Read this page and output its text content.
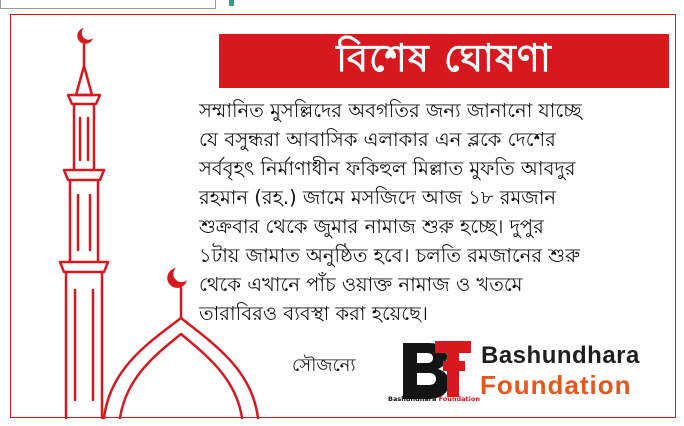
বিশেষ ঘোষণা
সম্মানিত মুসল্লিদের অবগতির জন্য জানানো যাচ্ছে
যে বসুন্ধরা আবাসিক এলাকার এন ব্লকে দেশের
সর্ববৃহৎ নির্মাণাধীন ফকিহুল মিল্লাত মুফতি আবদুর
রহমান (রহ.) জামে মসজিদে আজ ১৮ রমজান
শুক্রবার থেকে জুমার নামাজ শুরু হচ্ছে। দুপুর
১টায় জামাত অনুষ্ঠিত হবে। চলতি রমজানের শুরু
থেকে এখানে পাঁচ ওয়াক্ত নামাজ ও খতমে
তারাবিরও ব্যবস্থা করা হয়েছে।
সৌজন্যে
Bashundhara Foundation
Bashundhara
Foundation
